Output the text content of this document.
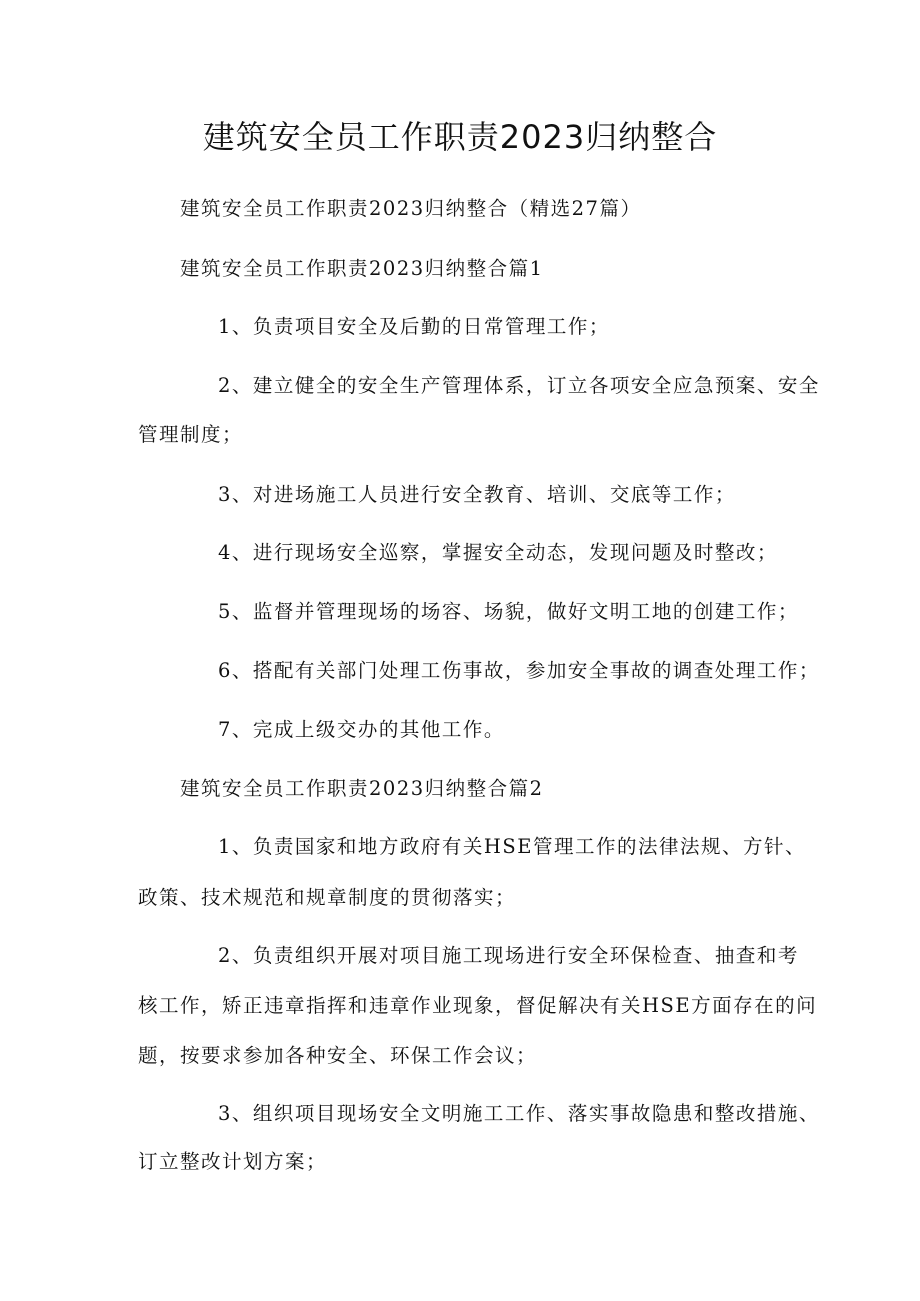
建筑安全员工作职责2023归纳整合
建筑安全员工作职责2023归纳整合（精选27篇）
建筑安全员工作职责2023归纳整合篇1
1、负责项目安全及后勤的日常管理工作；
2、建立健全的安全生产管理体系，订立各项安全应急预案、安全
管理制度；
3、对进场施工人员进行安全教育、培训、交底等工作；
4、进行现场安全巡察，掌握安全动态，发现问题及时整改；
5、监督并管理现场的场容、场貌，做好文明工地的创建工作；
6、搭配有关部门处理工伤事故，参加安全事故的调查处理工作；
7、完成上级交办的其他工作。
建筑安全员工作职责2023归纳整合篇2
1、负责国家和地方政府有关HSE管理工作的法律法规、方针、
政策、技术规范和规章制度的贯彻落实；
2、负责组织开展对项目施工现场进行安全环保检查、抽查和考
核工作，矫正违章指挥和违章作业现象，督促解决有关HSE方面存在的问
题，按要求参加各种安全、环保工作会议；
3、组织项目现场安全文明施工工作、落实事故隐患和整改措施、
订立整改计划方案；
